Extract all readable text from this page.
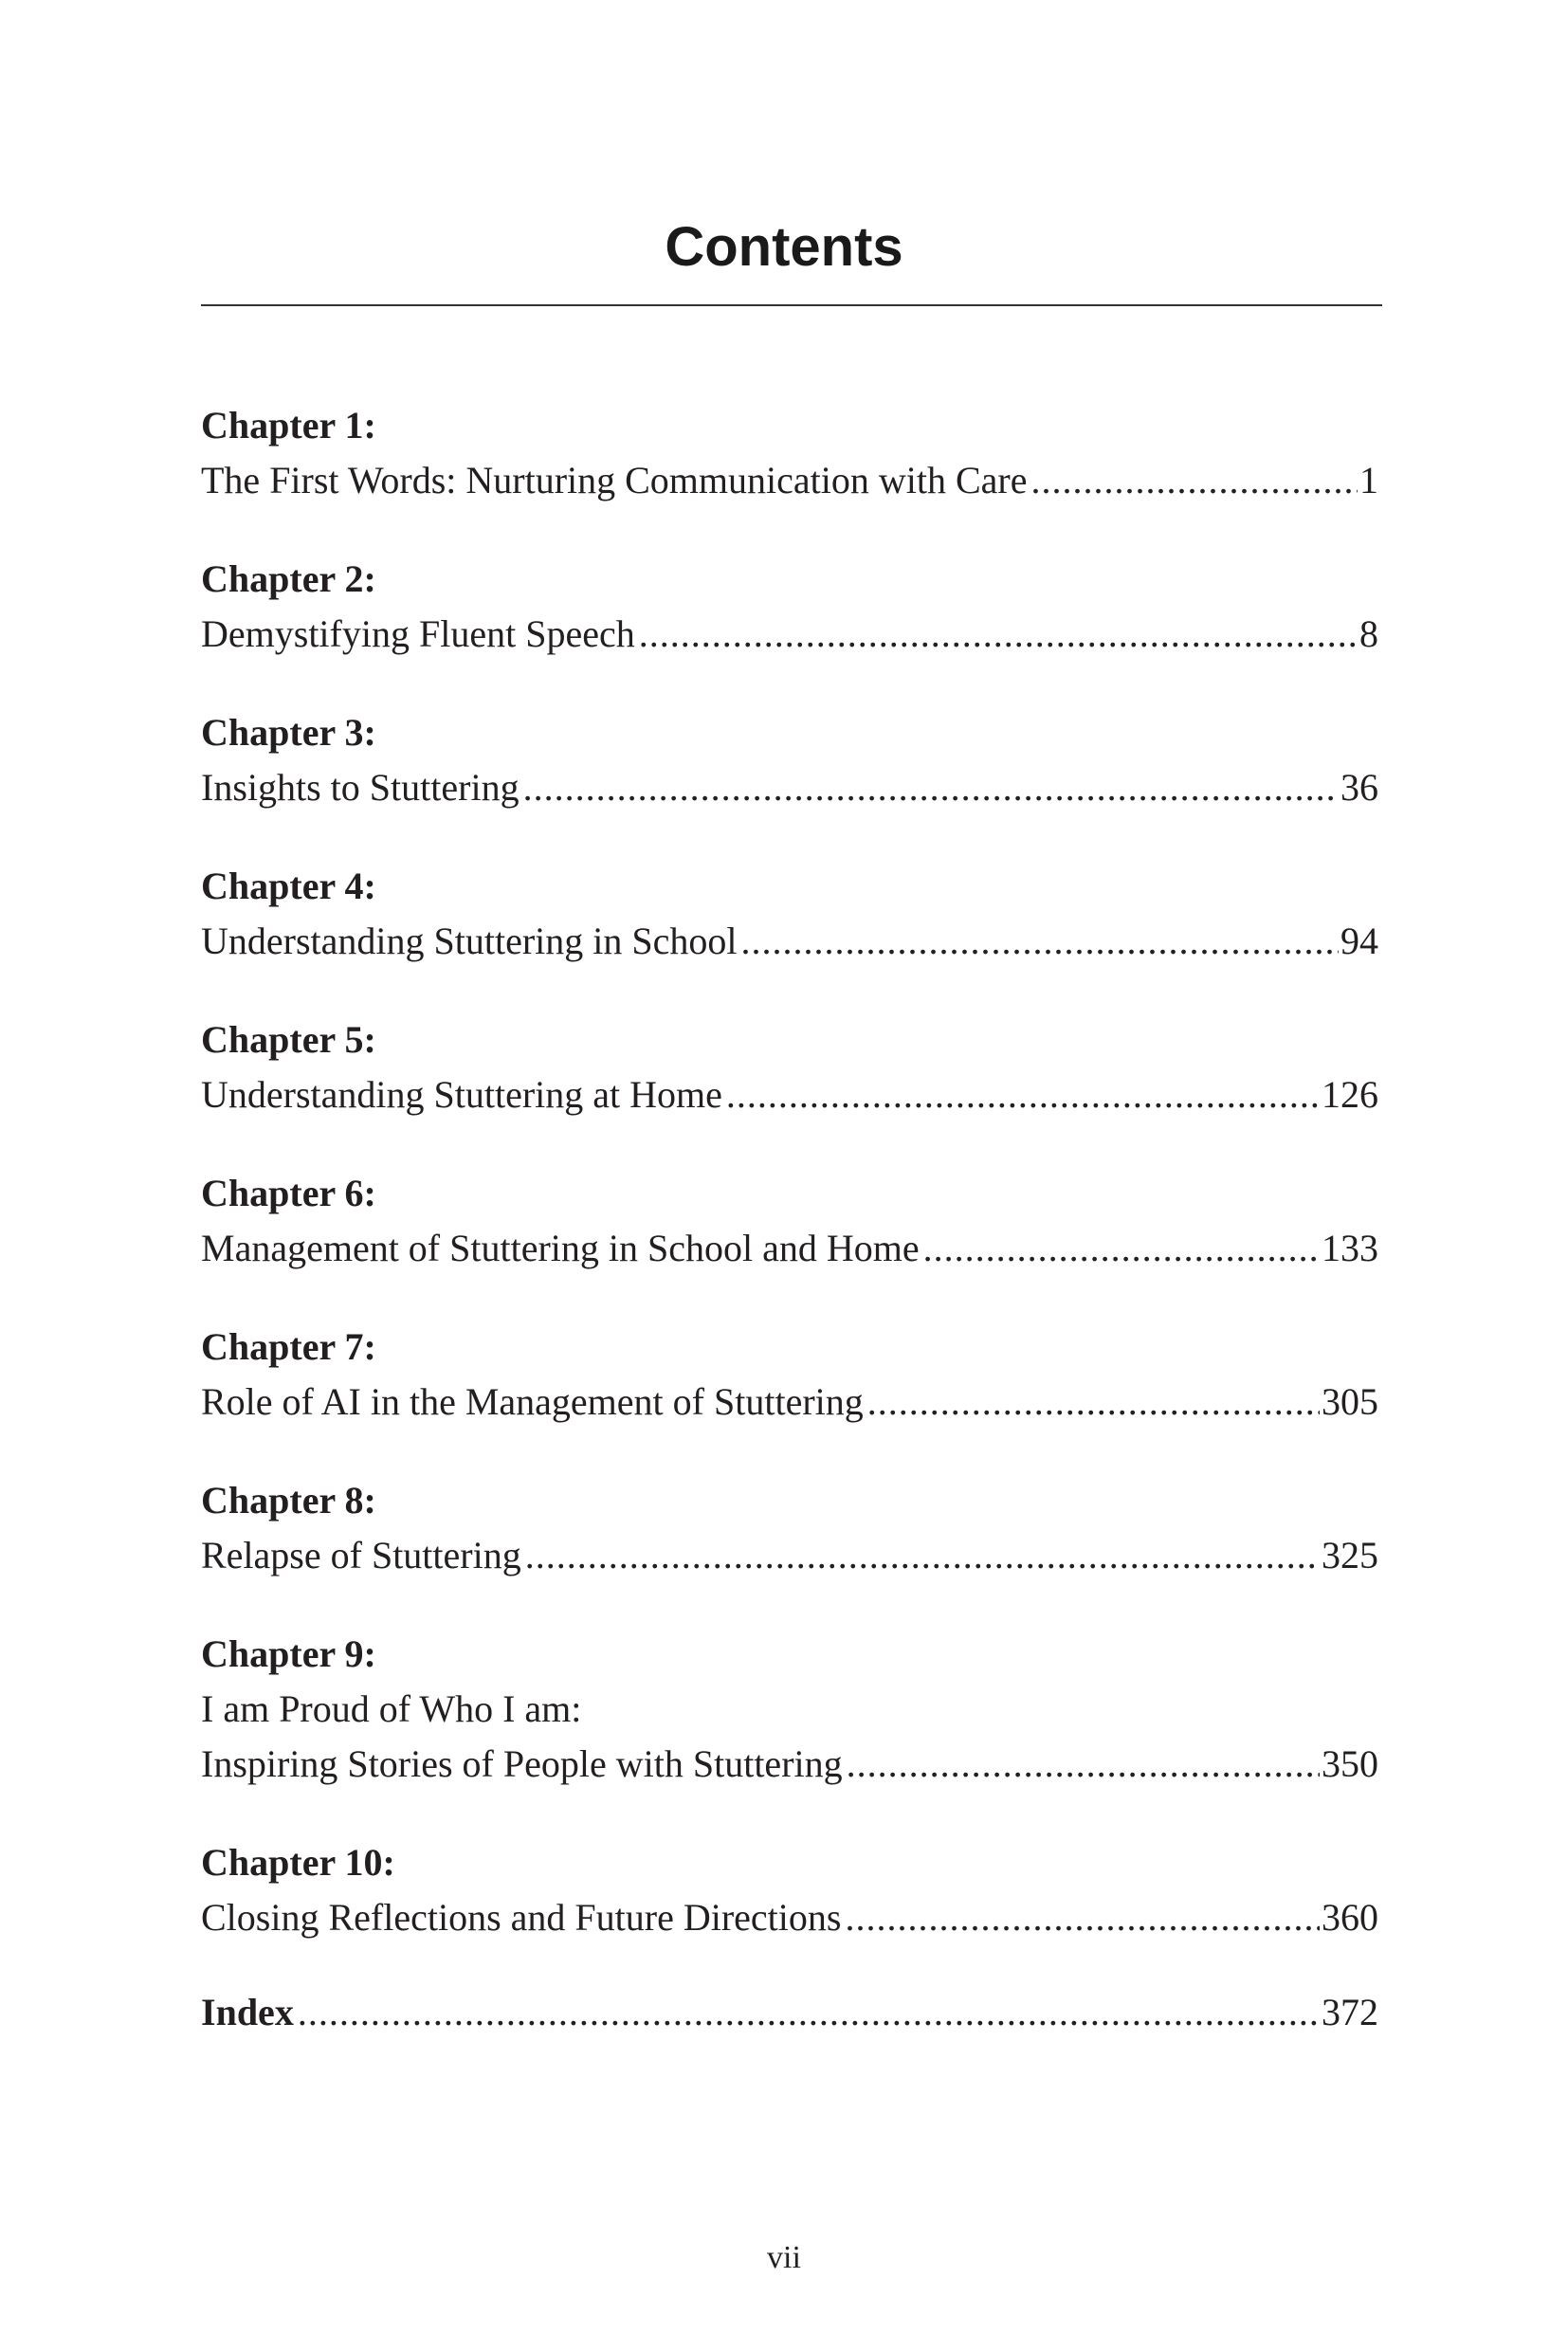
Contents
Chapter 1:
The First Words: Nurturing Communication with Care .....	1
Chapter 2:
Demystifying Fluent Speech .....	8
Chapter 3:
Insights to Stuttering .....	36
Chapter 4:
Understanding Stuttering in School .....	94
Chapter 5:
Understanding Stuttering at Home .....	126
Chapter 6:
Management of Stuttering in School and Home .....	133
Chapter 7:
Role of AI in the Management of Stuttering .....	305
Chapter 8:
Relapse of Stuttering .....	325
Chapter 9:
I am Proud of Who I am:
Inspiring Stories of People with Stuttering .....	350
Chapter 10:
Closing Reflections and Future Directions .....	360
Index .....	372
vii
